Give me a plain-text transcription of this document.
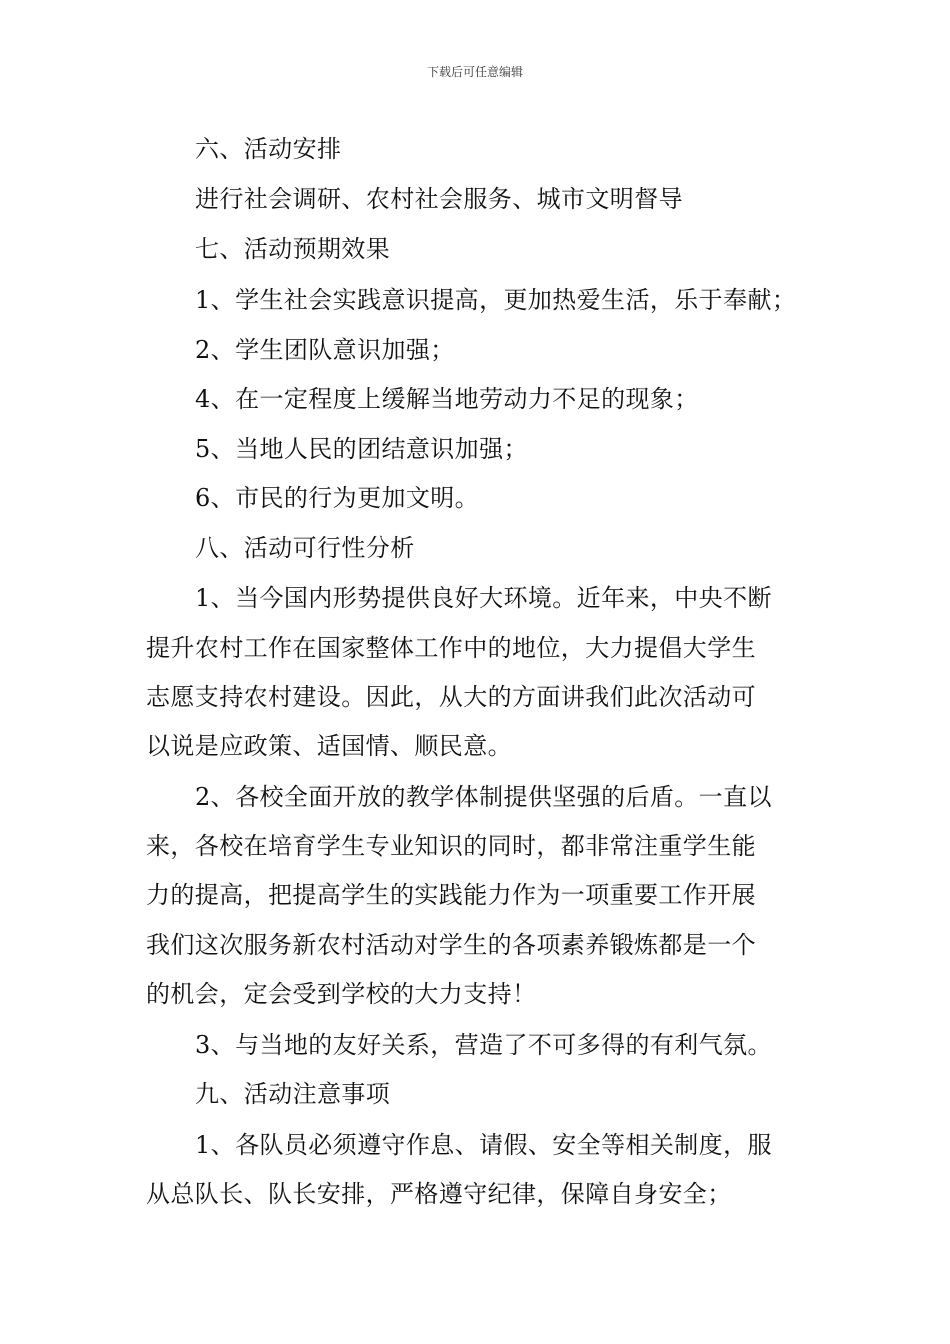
下载后可任意编辑
六、活动安排
进行社会调研、农村社会服务、城市文明督导
七、活动预期效果
1、学生社会实践意识提高，更加热爱生活，乐于奉献；
2、学生团队意识加强；
4、在一定程度上缓解当地劳动力不足的现象；
5、当地人民的团结意识加强；
6、市民的行为更加文明。
八、活动可行性分析
1、当今国内形势提供良好大环境。近年来，中央不断
提升农村工作在国家整体工作中的地位，大力提倡大学生
志愿支持农村建设。因此，从大的方面讲我们此次活动可
以说是应政策、适国情、顺民意。
2、各校全面开放的教学体制提供坚强的后盾。一直以
来，各校在培育学生专业知识的同时，都非常注重学生能
力的提高，把提高学生的实践能力作为一项重要工作开展
我们这次服务新农村活动对学生的各项素养锻炼都是一个
的机会，定会受到学校的大力支持！
3、与当地的友好关系，营造了不可多得的有利气氛。
九、活动注意事项
1、各队员必须遵守作息、请假、安全等相关制度，服
从总队长、队长安排，严格遵守纪律，保障自身安全；
